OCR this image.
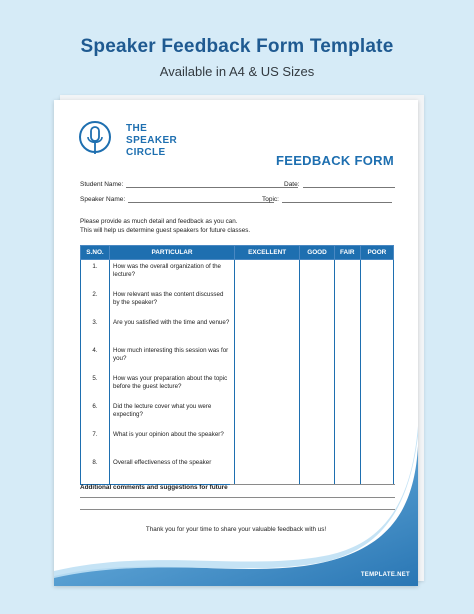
Speaker Feedback Form Template
Available in A4 & US Sizes
THE
SPEAKER
CIRCLE
FEEDBACK FORM
Student Name:	Date:
Speaker Name:	Topic:
Please provide as much detail and feedback as you can.
This will help us determine guest speakers for future classes.
S.NO.	PARTICULAR	EXCELLENT	GOOD	FAIR	POOR
1.	How was the overall organization of the lecture?				
2.	How relevant was the content discussed by the speaker?				
3.	Are you satisfied with the time and venue?				
4.	How much interesting this session was for you?				
5.	How was your preparation about the topic before the guest lecture?				
6.	Did the lecture cover what you were expecting?				
7.	What is your opinion about the speaker?				
8.	Overall effectiveness of the speaker				
Additional comments and suggestions for future
Thank you for your time to share your valuable feedback with us!
TEMPLATE.NET
